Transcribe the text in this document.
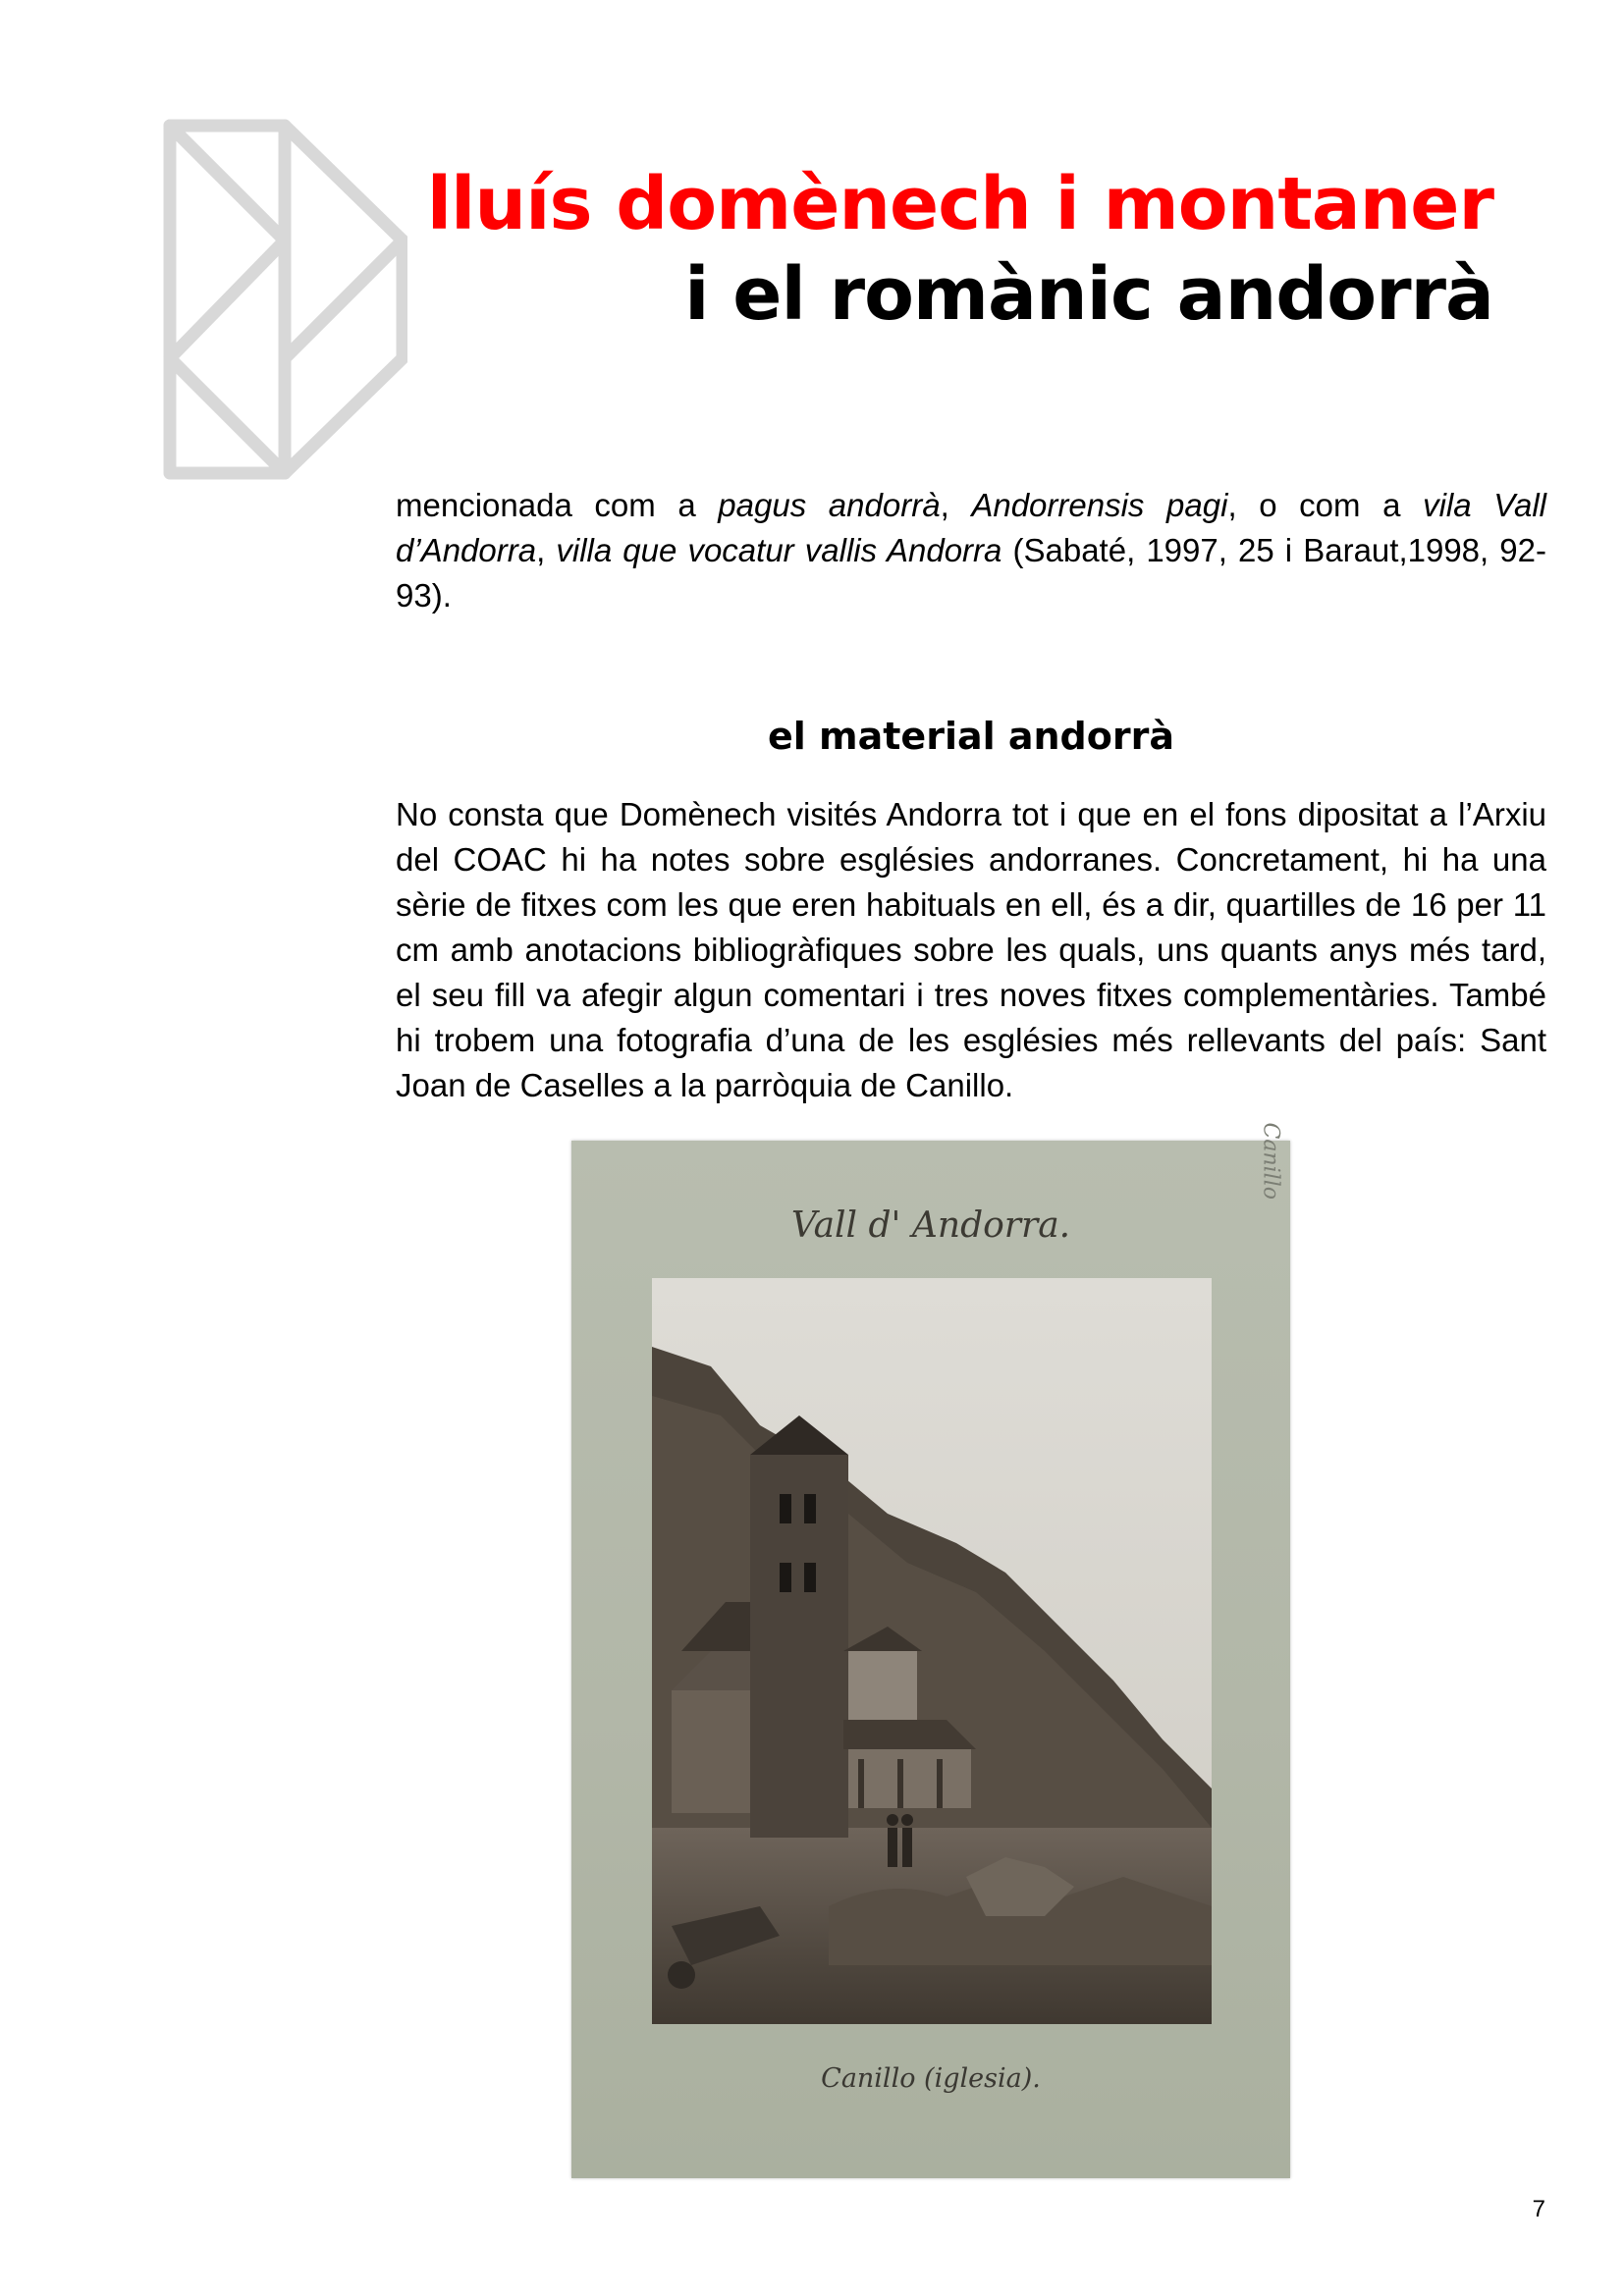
lluís domènech i montaner
i el romànic andorrà

mencionada com a pagus andorrà, Andorrensis pagi, o com a vila Vall d’Andorra, villa que vocatur vallis Andorra (Sabaté, 1997, 25 i Baraut,1998, 92-93).

el material andorrà

No consta que Domènech visités Andorra tot i que en el fons dipositat a l’Arxiu del COAC hi ha notes sobre esglésies andorranes. Concretament, hi ha una sèrie de fitxes com les que eren habituals en ell, és a dir, quartilles de 16 per 11 cm amb anotacions bibliogràfiques sobre les quals, uns quants anys més tard, el seu fill va afegir algun comentari i tres noves fitxes complementàries. També hi trobem una fotografia d’una de les esglésies més rellevants del país: Sant Joan de Caselles a la parròquia de Canillo.

Vall d' Andorra.
Canillo
Canillo (iglesia).

7
